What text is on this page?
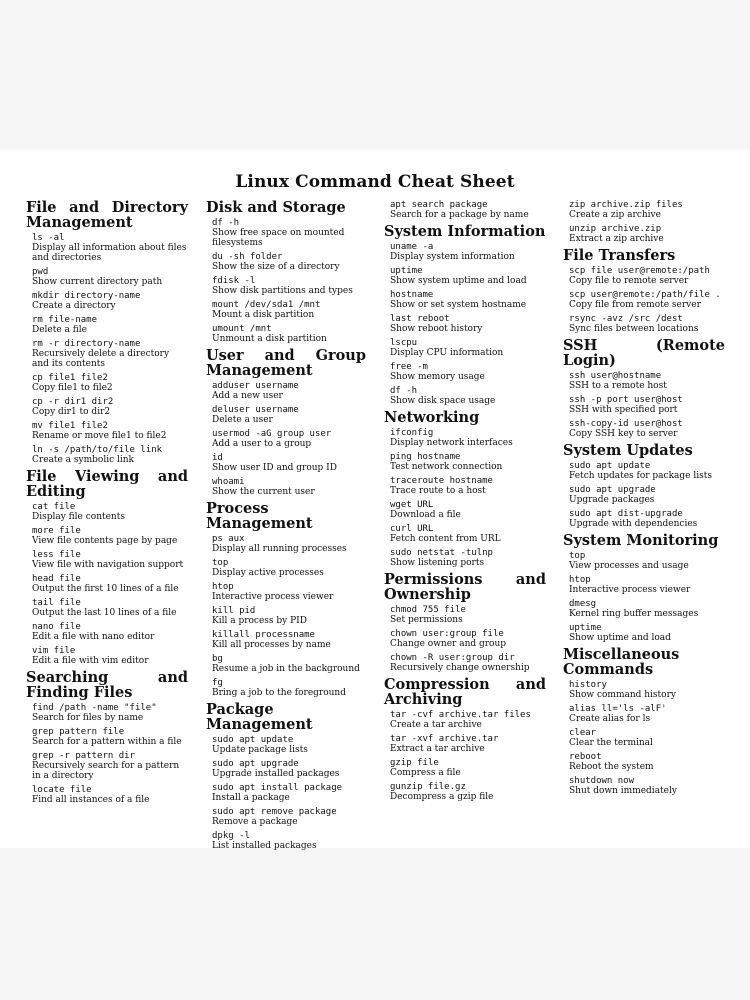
Linux Command Cheat Sheet
File and Directory Management
ls -al
Display all information about files and directories
pwd
Show current directory path
mkdir directory-name
Create a directory
rm file-name
Delete a file
rm -r directory-name
Recursively delete a directory and its contents
cp file1 file2
Copy file1 to file2
cp -r dir1 dir2
Copy dir1 to dir2
mv file1 file2
Rename or move file1 to file2
ln -s /path/to/file link
Create a symbolic link
File Viewing and Editing
cat file
Display file contents
more file
View file contents page by page
less file
View file with navigation support
head file
Output the first 10 lines of a file
tail file
Output the last 10 lines of a file
nano file
Edit a file with nano editor
vim file
Edit a file with vim editor
Searching and Finding Files
find /path -name "file"
Search for files by name
grep pattern file
Search for a pattern within a file
grep -r pattern dir
Recursively search for a pattern in a directory
locate file
Find all instances of a file
Disk and Storage
df -h
Show free space on mounted filesystems
du -sh folder
Show the size of a directory
fdisk -l
Show disk partitions and types
mount /dev/sda1 /mnt
Mount a disk partition
umount /mnt
Unmount a disk partition
User and Group Management
adduser username
Add a new user
deluser username
Delete a user
usermod -aG group user
Add a user to a group
id
Show user ID and group ID
whoami
Show the current user
Process Management
ps aux
Display all running processes
top
Display active processes
htop
Interactive process viewer
kill pid
Kill a process by PID
killall processname
Kill all processes by name
bg
Resume a job in the background
fg
Bring a job to the foreground
Package Management
sudo apt update
Update package lists
sudo apt upgrade
Upgrade installed packages
sudo apt install package
Install a package
sudo apt remove package
Remove a package
dpkg -l
List installed packages
apt search package
Search for a package by name
System Information
uname -a
Display system information
uptime
Show system uptime and load
hostname
Show or set system hostname
last reboot
Show reboot history
lscpu
Display CPU information
free -m
Show memory usage
df -h
Show disk space usage
Networking
ifconfig
Display network interfaces
ping hostname
Test network connection
traceroute hostname
Trace route to a host
wget URL
Download a file
curl URL
Fetch content from URL
sudo netstat -tulnp
Show listening ports
Permissions and Ownership
chmod 755 file
Set permissions
chown user:group file
Change owner and group
chown -R user:group dir
Recursively change ownership
Compression and Archiving
tar -cvf archive.tar files
Create a tar archive
tar -xvf archive.tar
Extract a tar archive
gzip file
Compress a file
gunzip file.gz
Decompress a gzip file
zip archive.zip files
Create a zip archive
unzip archive.zip
Extract a zip archive
File Transfers
scp file user@remote:/path
Copy file to remote server
scp user@remote:/path/file .
Copy file from remote server
rsync -avz /src /dest
Sync files between locations
SSH (Remote Login)
ssh user@hostname
SSH to a remote host
ssh -p port user@host
SSH with specified port
ssh-copy-id user@host
Copy SSH key to server
System Updates
sudo apt update
Fetch updates for package lists
sudo apt upgrade
Upgrade packages
sudo apt dist-upgrade
Upgrade with dependencies
System Monitoring
top
View processes and usage
htop
Interactive process viewer
dmesg
Kernel ring buffer messages
uptime
Show uptime and load
Miscellaneous Commands
history
Show command history
alias ll='ls -alF'
Create alias for ls
clear
Clear the terminal
reboot
Reboot the system
shutdown now
Shut down immediately
